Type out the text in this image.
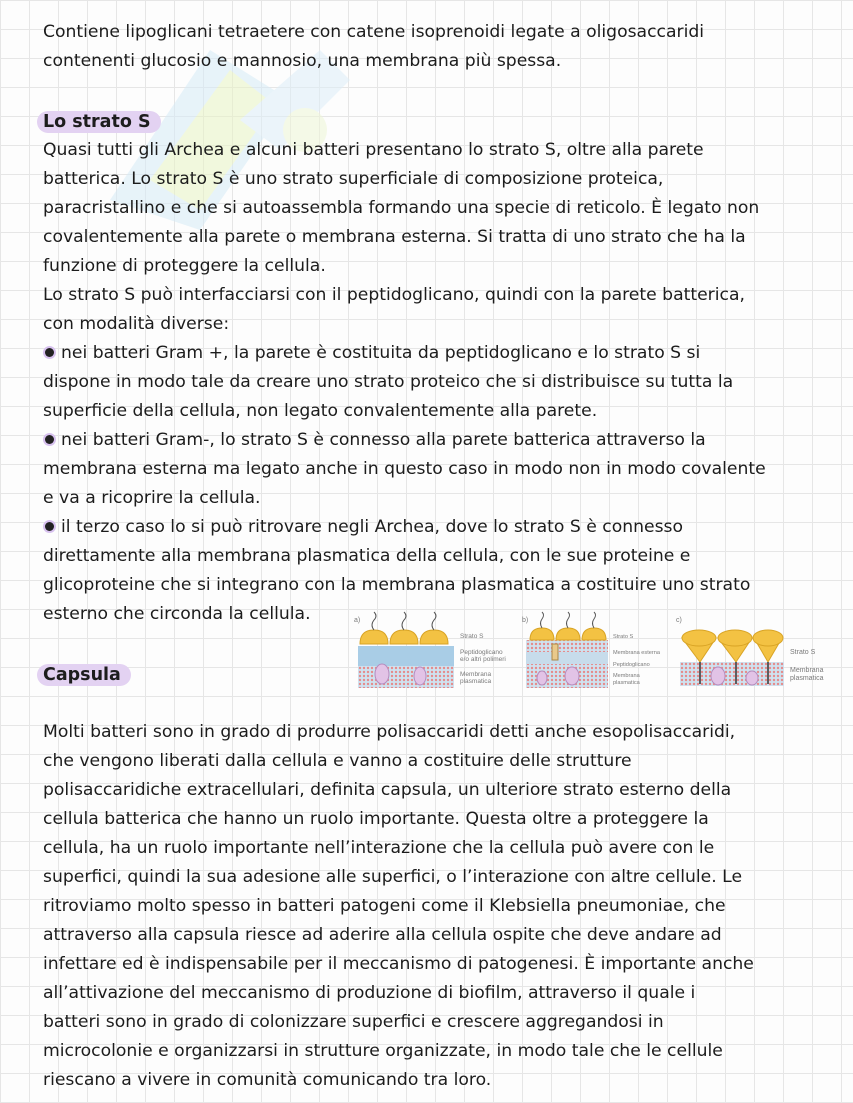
Contiene lipoglicani tetraetere con catene isoprenoidi legate a oligosaccaridi
contenenti glucosio e mannosio, una membrana più spessa.
Lo strato S
Quasi tutti gli Archea e alcuni batteri presentano lo strato S, oltre alla parete
batterica. Lo strato S è uno strato superficiale di composizione proteica,
paracristallino e che si autoassembla formando una specie di reticolo. È legato non
covalentemente alla parete o membrana esterna. Si tratta di uno strato che ha la
funzione di proteggere la cellula.
Lo strato S può interfacciarsi con il peptidoglicano, quindi con la parete batterica,
con modalità diverse:
nei batteri Gram +, la parete è costituita da peptidoglicano e lo strato S si
dispone in modo tale da creare uno strato proteico che si distribuisce su tutta la
superficie della cellula, non legato convalentemente alla parete.
nei batteri Gram-, lo strato S è connesso alla parete batterica attraverso la
membrana esterna ma legato anche in questo caso in modo non in modo covalente
e va a ricoprire la cellula.
il terzo caso lo si può ritrovare negli Archea, dove lo strato S è connesso
direttamente alla membrana plasmatica della cellula, con le sue proteine e
glicoproteine che si integrano con la membrana plasmatica a costituire uno strato
esterno che circonda la cellula.	a)
Strato S
Peptidoglicano
e/o altri polimeri
Membrana
plasmatica
b)
Strato S
Membrana esterna
Peptidoglicano
Membrana
plasmatica
c)
Strato S
Membrana
plasmatica
Capsula
Molti batteri sono in grado di produrre polisaccaridi detti anche esopolisaccaridi,
che vengono liberati dalla cellula e vanno a costituire delle strutture
polisaccaridiche extracellulari, definita capsula, un ulteriore strato esterno della
cellula batterica che hanno un ruolo importante. Questa oltre a proteggere la
cellula, ha un ruolo importante nell’interazione che la cellula può avere con le
superfici, quindi la sua adesione alle superfici, o l’interazione con altre cellule. Le
ritroviamo molto spesso in batteri patogeni come il Klebsiella pneumoniae, che
attraverso alla capsula riesce ad aderire alla cellula ospite che deve andare ad
infettare ed è indispensabile per il meccanismo di patogenesi. È importante anche
all’attivazione del meccanismo di produzione di biofilm, attraverso il quale i
batteri sono in grado di colonizzare superfici e crescere aggregandosi in
microcolonie e organizzarsi in strutture organizzate, in modo tale che le cellule
riescano a vivere in comunità comunicando tra loro.
